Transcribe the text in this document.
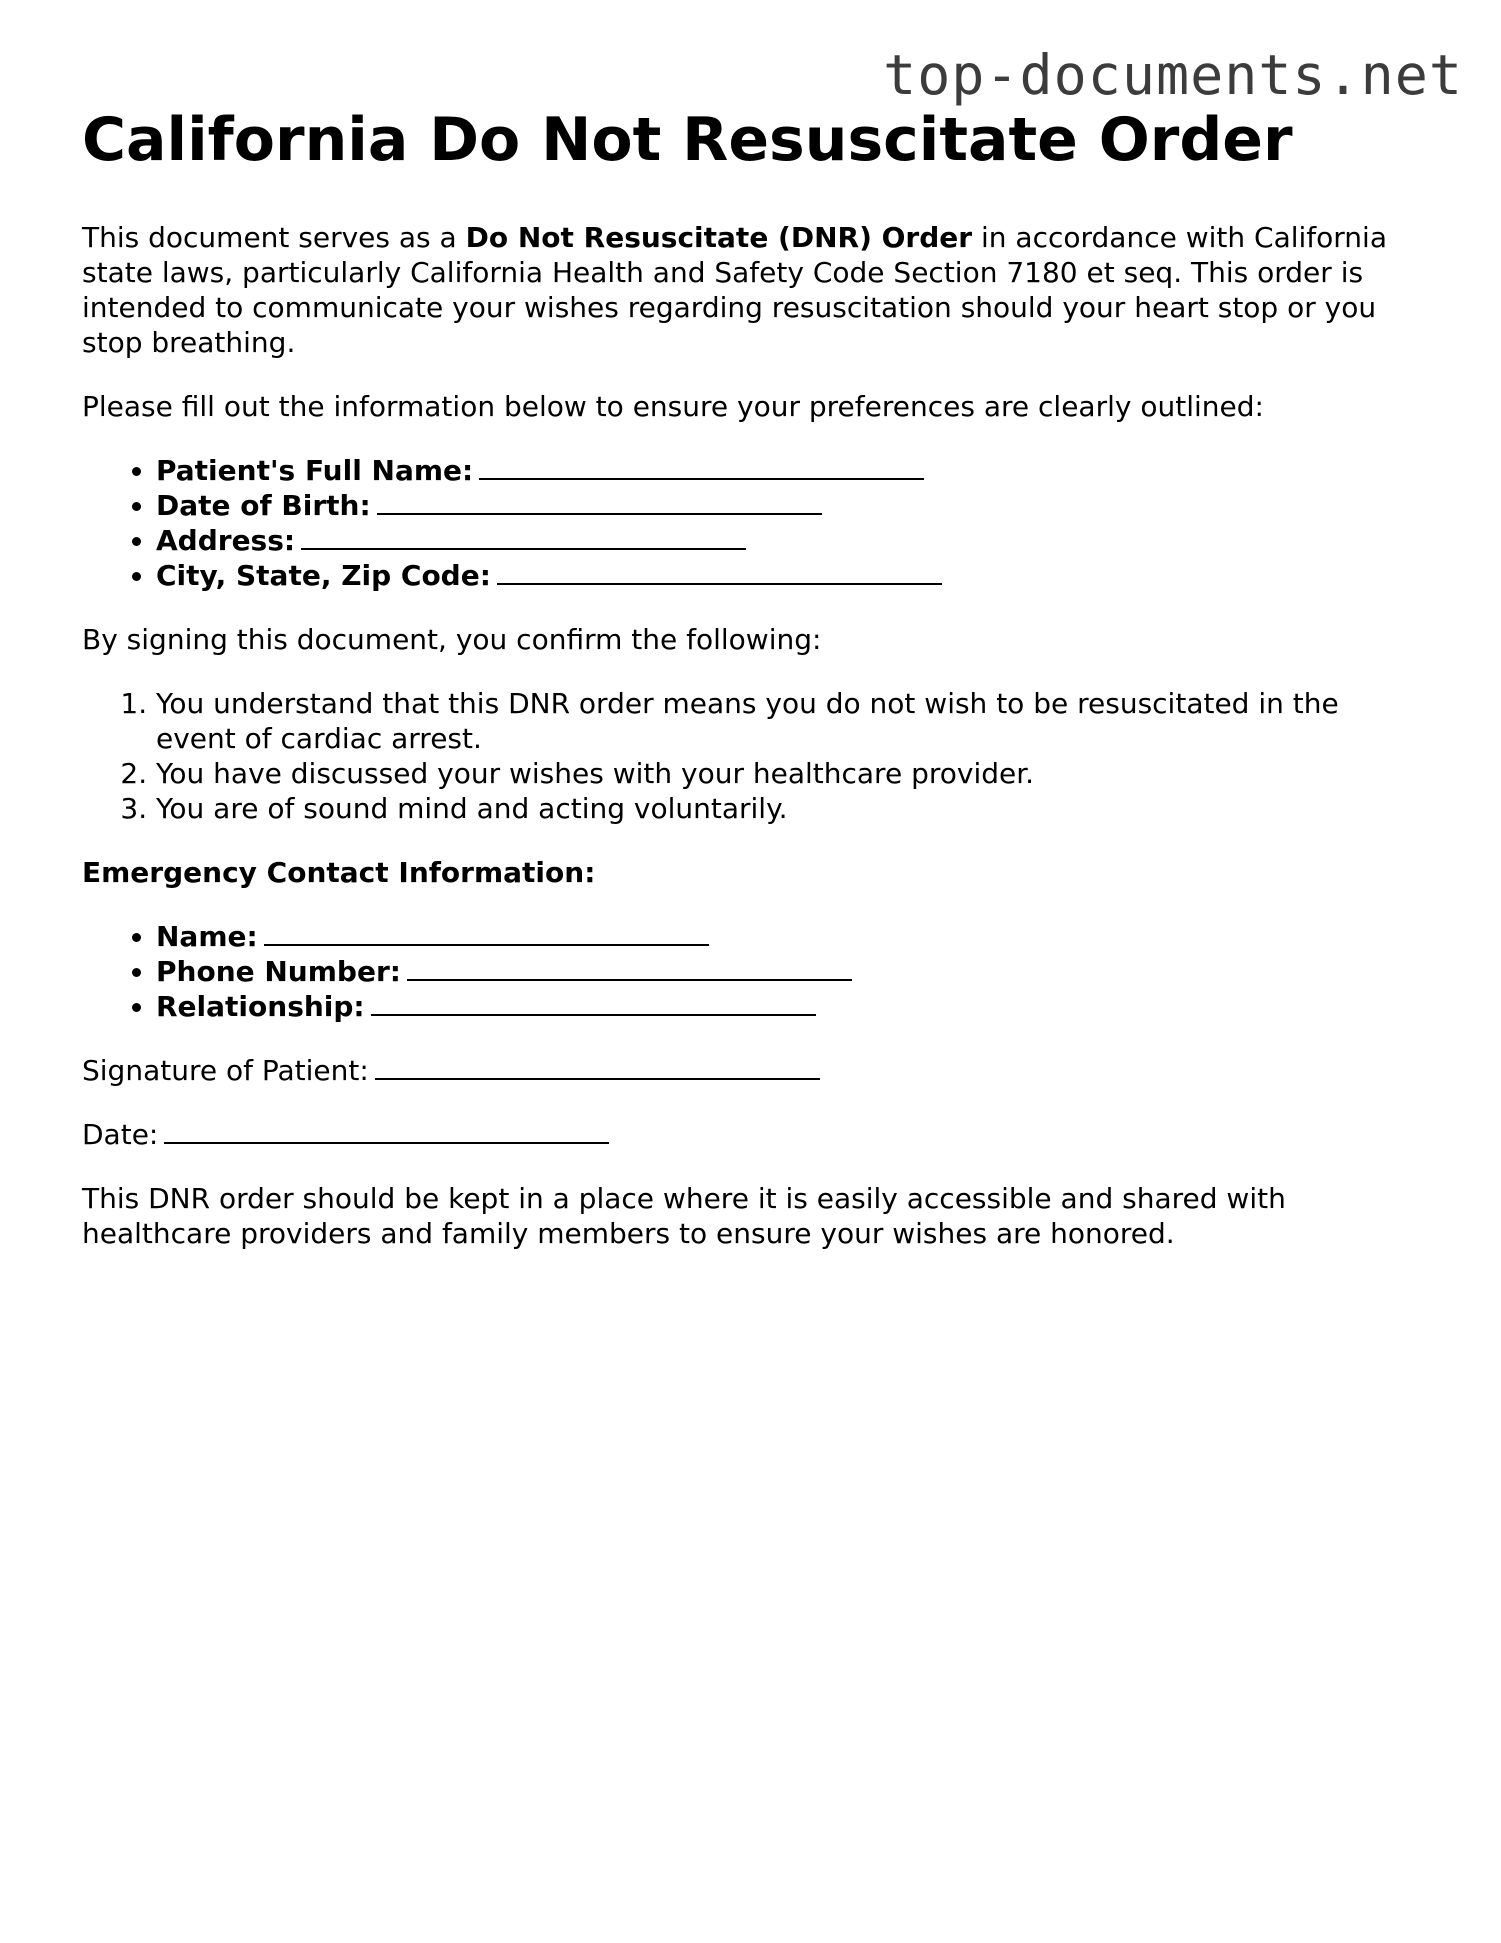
top-documents.net
California Do Not Resuscitate Order

This document serves as a Do Not Resuscitate (DNR) Order in accordance with California state laws, particularly California Health and Safety Code Section 7180 et seq. This order is intended to communicate your wishes regarding resuscitation should your heart stop or you stop breathing.

Please fill out the information below to ensure your preferences are clearly outlined:

• Patient's Full Name:
• Date of Birth:
• Address:
• City, State, Zip Code:

By signing this document, you confirm the following:

1. You understand that this DNR order means you do not wish to be resuscitated in the event of cardiac arrest.
2. You have discussed your wishes with your healthcare provider.
3. You are of sound mind and acting voluntarily.

Emergency Contact Information:

• Name:
• Phone Number:
• Relationship:

Signature of Patient:

Date:

This DNR order should be kept in a place where it is easily accessible and shared with healthcare providers and family members to ensure your wishes are honored.
